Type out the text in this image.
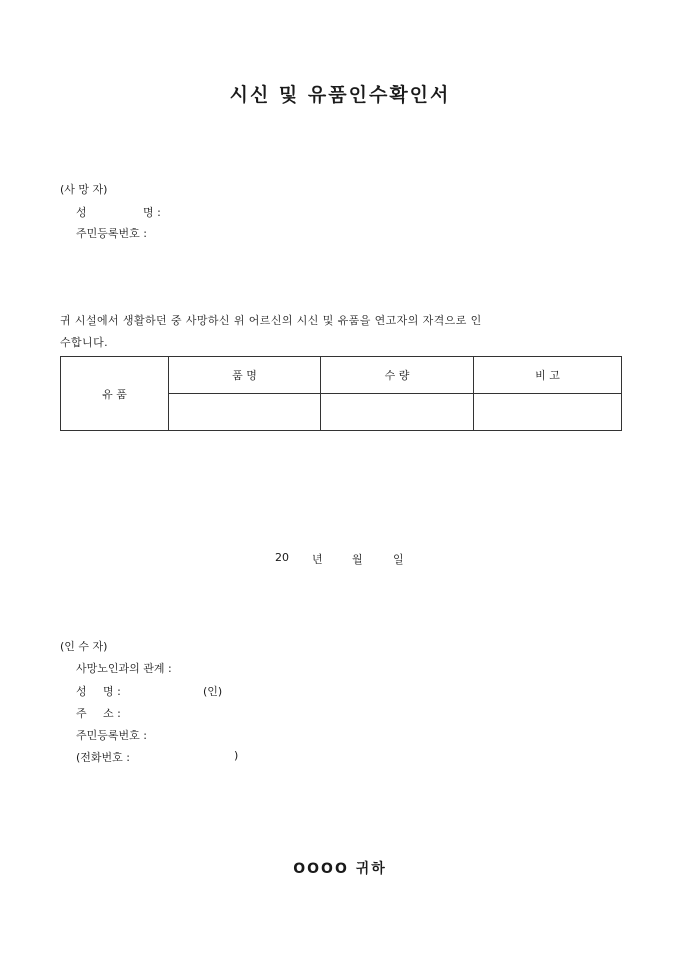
시신 및 유품인수확인서
(사 망 자)
성	명 :
주민등록번호 :
귀 시설에서 생활하던 중 사망하신 위 어르신의 시신 및 유품을 연고자의 자격으로 인
수합니다.
유 품	품 명	수 량	비 고

20 년	월	일
(인 수 자)
사망노인과의 관계 :
성 명 :	(인)
주 소 :
주민등록번호 :
(전화번호 :	)
OOOO 귀하
